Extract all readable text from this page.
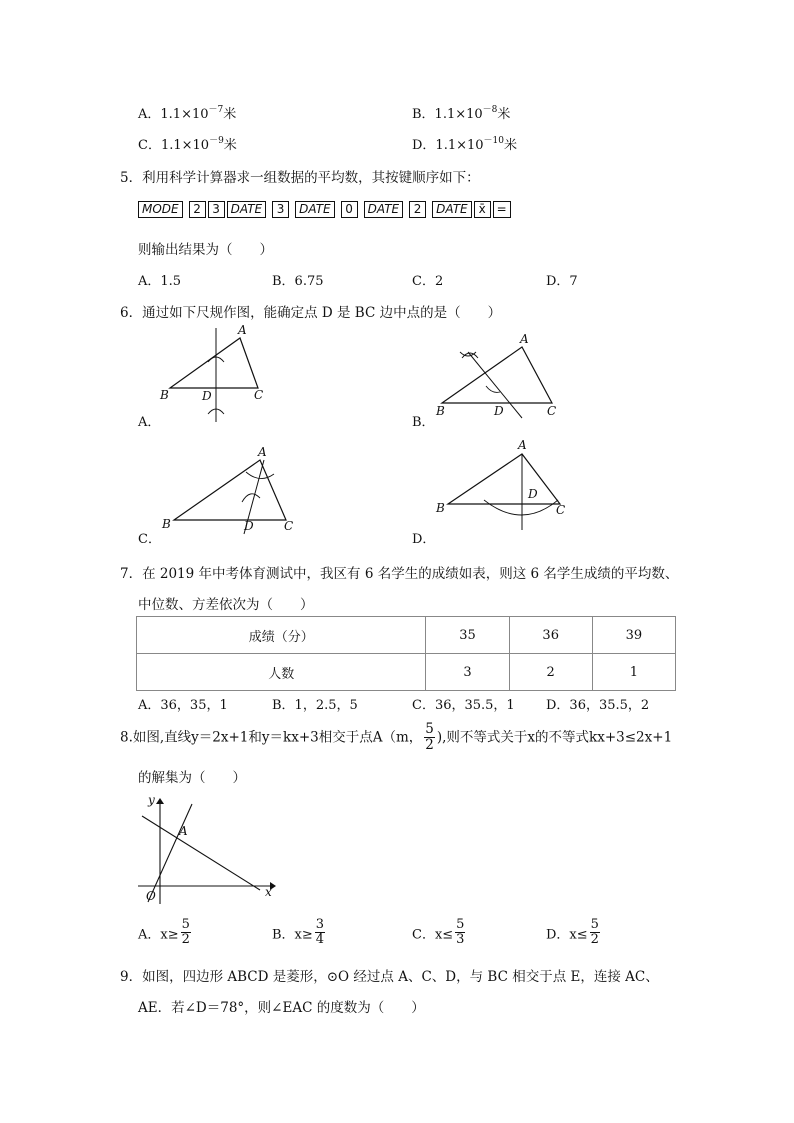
A．$1.1\times 10^{-7}$米	B．$1.1\times 10^{-8}$米
C．$1.1\times 10^{-9}$米	D．$1.1\times 10^{-10}$米
5．利用科学计算器求一组数据的平均数，其按键顺序如下：
MODE 2 3 DATE 3 DATE 0 DATE 2 DATE x̄ =
则输出结果为（　　）
A．1.5	B．6.75	C．2	D．7
6．通过如下尺规作图，能确定点 D 是 BC 边中点的是（　　）
A
B	C
D
A．
A
B	C
D
B．
A
B	C
D
C．
A
B	C
D
D．
7．在 2019 年中考体育测试中，我区有 6 名学生的成绩如表，则这 6 名学生成绩的平均数、
中位数、方差依次为（　　）
成绩（分）	35	36	39
人数	3	2	1
A．36，35，1	B．1，2.5，5	C．36，35.5，1 D．36，35.5，2
8.如图,直线y＝2x+1和y＝kx+3相交于点A（m， $\frac{5}{2}$ ),则不等式关于x的不等式kx+3≤2x+1
的解集为（　　）
y
x
O
A
A．$x\ge \frac{5}{2}$	B．$x\ge \frac{3}{4}$	C．$x\le \frac{5}{3}$	D．$x\le \frac{5}{2}$
9．如图，四边形 ABCD 是菱形，⊙O 经过点 A、C、D，与 BC 相交于点 E，连接 AC、
AE．若∠D＝78°，则∠EAC 的度数为（　　）
